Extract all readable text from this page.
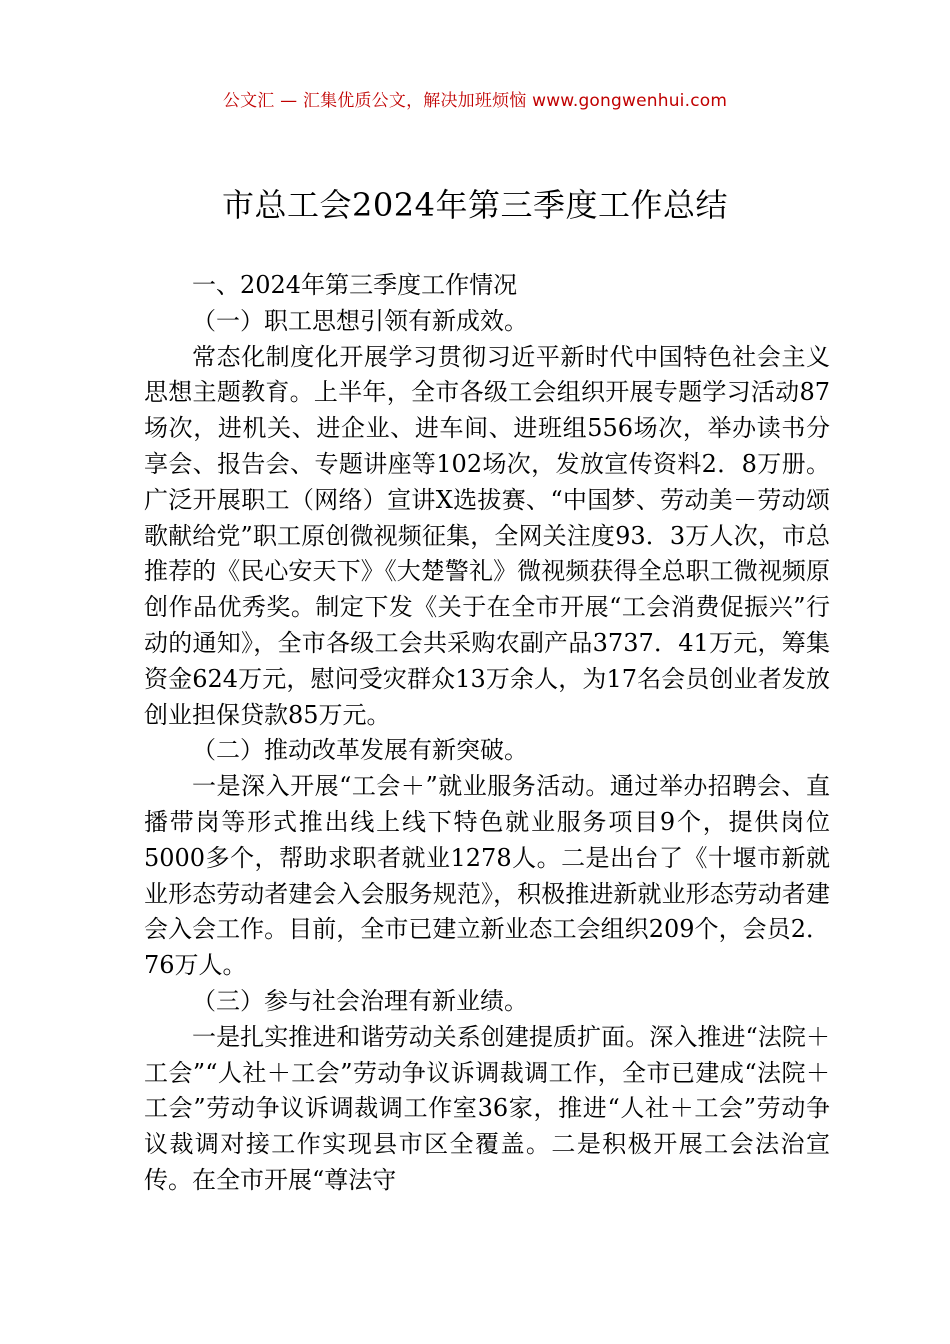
公文汇 — 汇集优质公文，解决加班烦恼 www.gongwenhui.com
市总工会2024年第三季度工作总结

一、2024年第三季度工作情况

（一）职工思想引领有新成效。

常态化制度化开展学习贯彻习近平新时代中国特色社会主义思想主题教育。上半年，全市各级工会组织开展专题学习活动87场次，进机关、进企业、进车间、进班组556场次，举办读书分享会、报告会、专题讲座等102场次，发放宣传资料2．8万册。广泛开展职工（网络）宣讲X选拔赛、“中国梦、劳动美－劳动颂歌献给党”职工原创微视频征集，全网关注度93．3万人次，市总推荐的《民心安天下》《大楚警礼》微视频获得全总职工微视频原创作品优秀奖。制定下发《关于在全市开展“工会消费促振兴”行动的通知》，全市各级工会共采购农副产品3737．41万元，筹集资金624万元，慰问受灾群众13万余人，为17名会员创业者发放创业担保贷款85万元。

（二）推动改革发展有新突破。

一是深入开展“工会＋”就业服务活动。通过举办招聘会、直播带岗等形式推出线上线下特色就业服务项目9个，提供岗位5000多个，帮助求职者就业1278人。二是出台了《十堰市新就业形态劳动者建会入会服务规范》，积极推进新就业形态劳动者建会入会工作。目前，全市已建立新业态工会组织209个，会员2．76万人。

（三）参与社会治理有新业绩。

一是扎实推进和谐劳动关系创建提质扩面。深入推进“法院＋工会”“人社＋工会”劳动争议诉调裁调工作，全市已建成“法院＋工会”劳动争议诉调裁调工作室36家，推进“人社＋工会”劳动争议裁调对接工作实现县市区全覆盖。二是积极开展工会法治宣传。在全市开展“尊法守
